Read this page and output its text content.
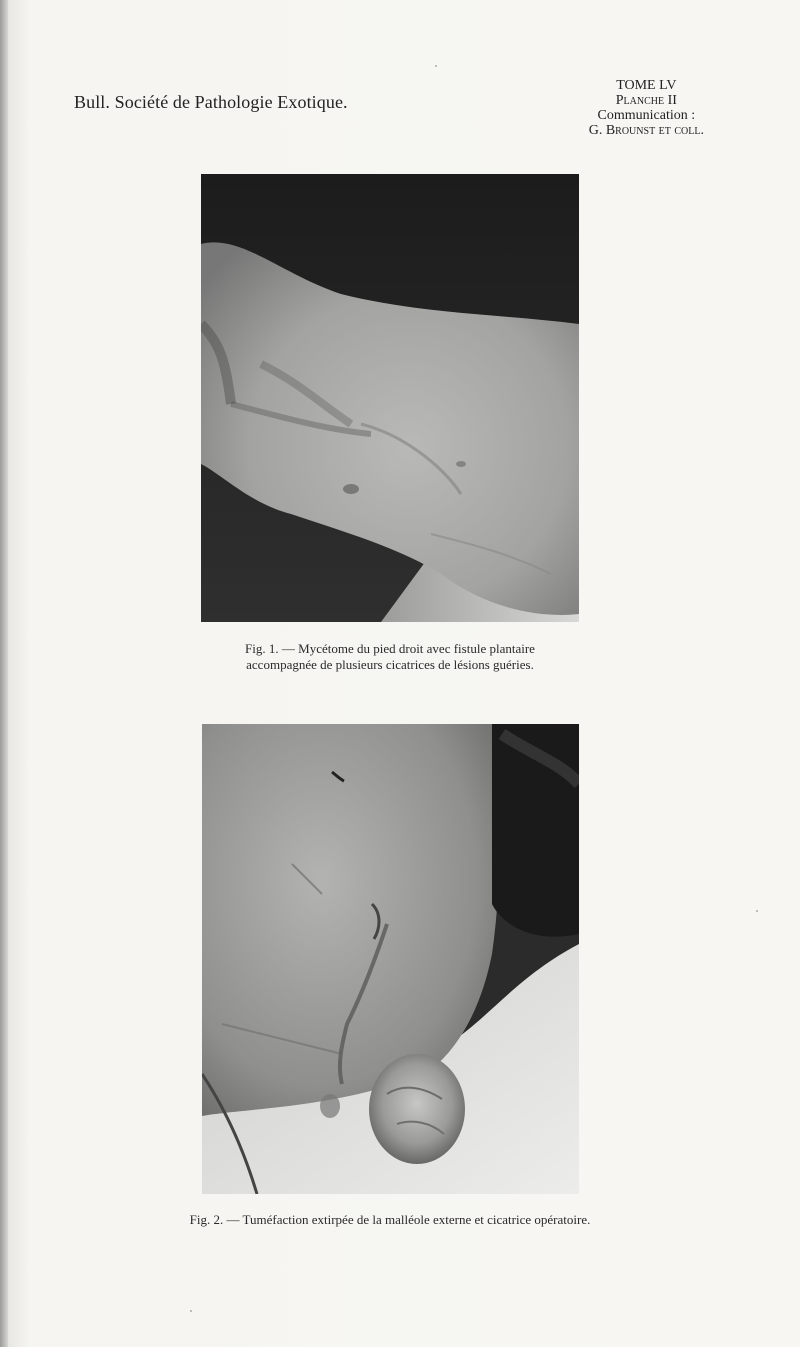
Bull. Société de Pathologie Exotique.
TOME LV
Planche II
Communication :
G. Brounst et coll.
Fig. 1. — Mycétome du pied droit avec fistule plantaire
accompagnée de plusieurs cicatrices de lésions guéries.
Fig. 2. — Tuméfaction extirpée de la malléole externe et cicatrice opératoire.
